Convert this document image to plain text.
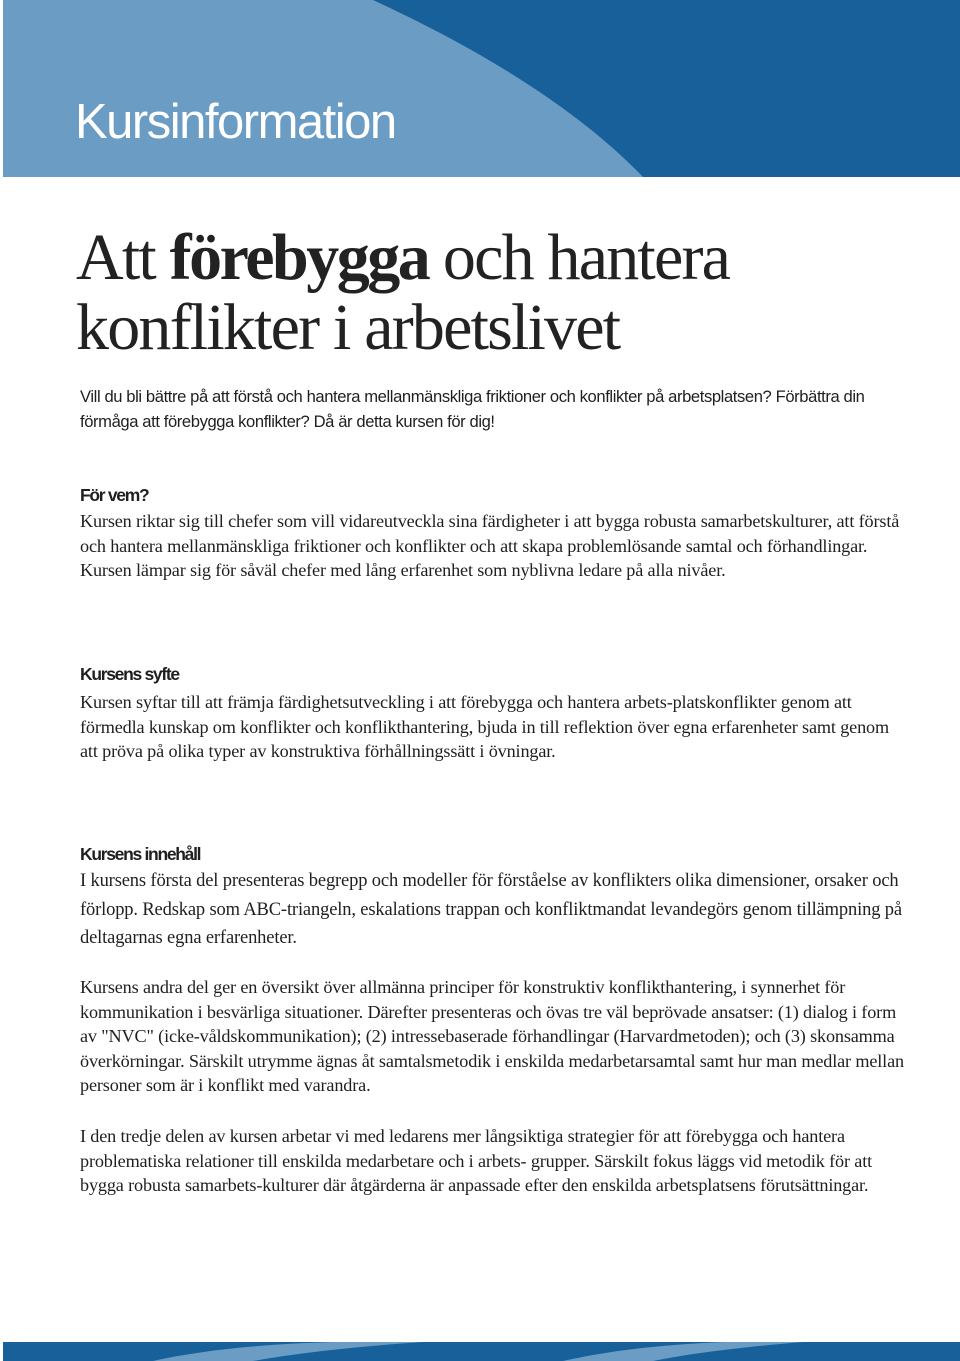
Kursinformation
Att förebygga och hantera
konflikter i arbetslivet
Vill du bli bättre på att förstå och hantera mellanmänskliga friktioner och konflikter på arbetsplatsen? Förbättra din förmåga att förebygga konflikter? Då är detta kursen för dig!
För vem?
Kursen riktar sig till chefer som vill vidareutveckla sina färdigheter i att bygga robusta samarbetskulturer, att förstå och hantera mellanmänskliga friktioner och konflikter och att skapa problemlösande samtal och förhandlingar. Kursen lämpar sig för såväl chefer med lång erfarenhet som nyblivna ledare på alla nivåer.
Kursens syfte
Kursen syftar till att främja färdighetsutveckling i att förebygga och hantera arbets-platskonflikter genom att förmedla kunskap om konflikter och konflikthantering, bjuda in till reflektion över egna erfarenheter samt genom att pröva på olika typer av konstruktiva förhållningssätt i övningar.
Kursens innehåll
I kursens första del presenteras begrepp och modeller för förståelse av konflikters olika dimensioner, orsaker och förlopp. Redskap som ABC-triangeln, eskalations trappan och konfliktmandat levandegörs genom tillämpning på deltagarnas egna erfarenheter.
Kursens andra del ger en översikt över allmänna principer för konstruktiv konflikthantering, i synnerhet för kommunikation i besvärliga situationer. Därefter presenteras och övas tre väl beprövade ansatser: (1) dialog i form av "NVC" (icke-våldskommunikation); (2) intressebaserade förhandlingar (Harvardmetoden); och (3) skonsamma överkörningar. Särskilt utrymme ägnas åt samtalsmetodik i enskilda medarbetarsamtal samt hur man medlar mellan personer som är i konflikt med varandra.
I den tredje delen av kursen arbetar vi med ledarens mer långsiktiga strategier för att förebygga och hantera problematiska relationer till enskilda medarbetare och i arbets- grupper. Särskilt fokus läggs vid metodik för att bygga robusta samarbets-kulturer där åtgärderna är anpassade efter den enskilda arbetsplatsens förutsättningar.
